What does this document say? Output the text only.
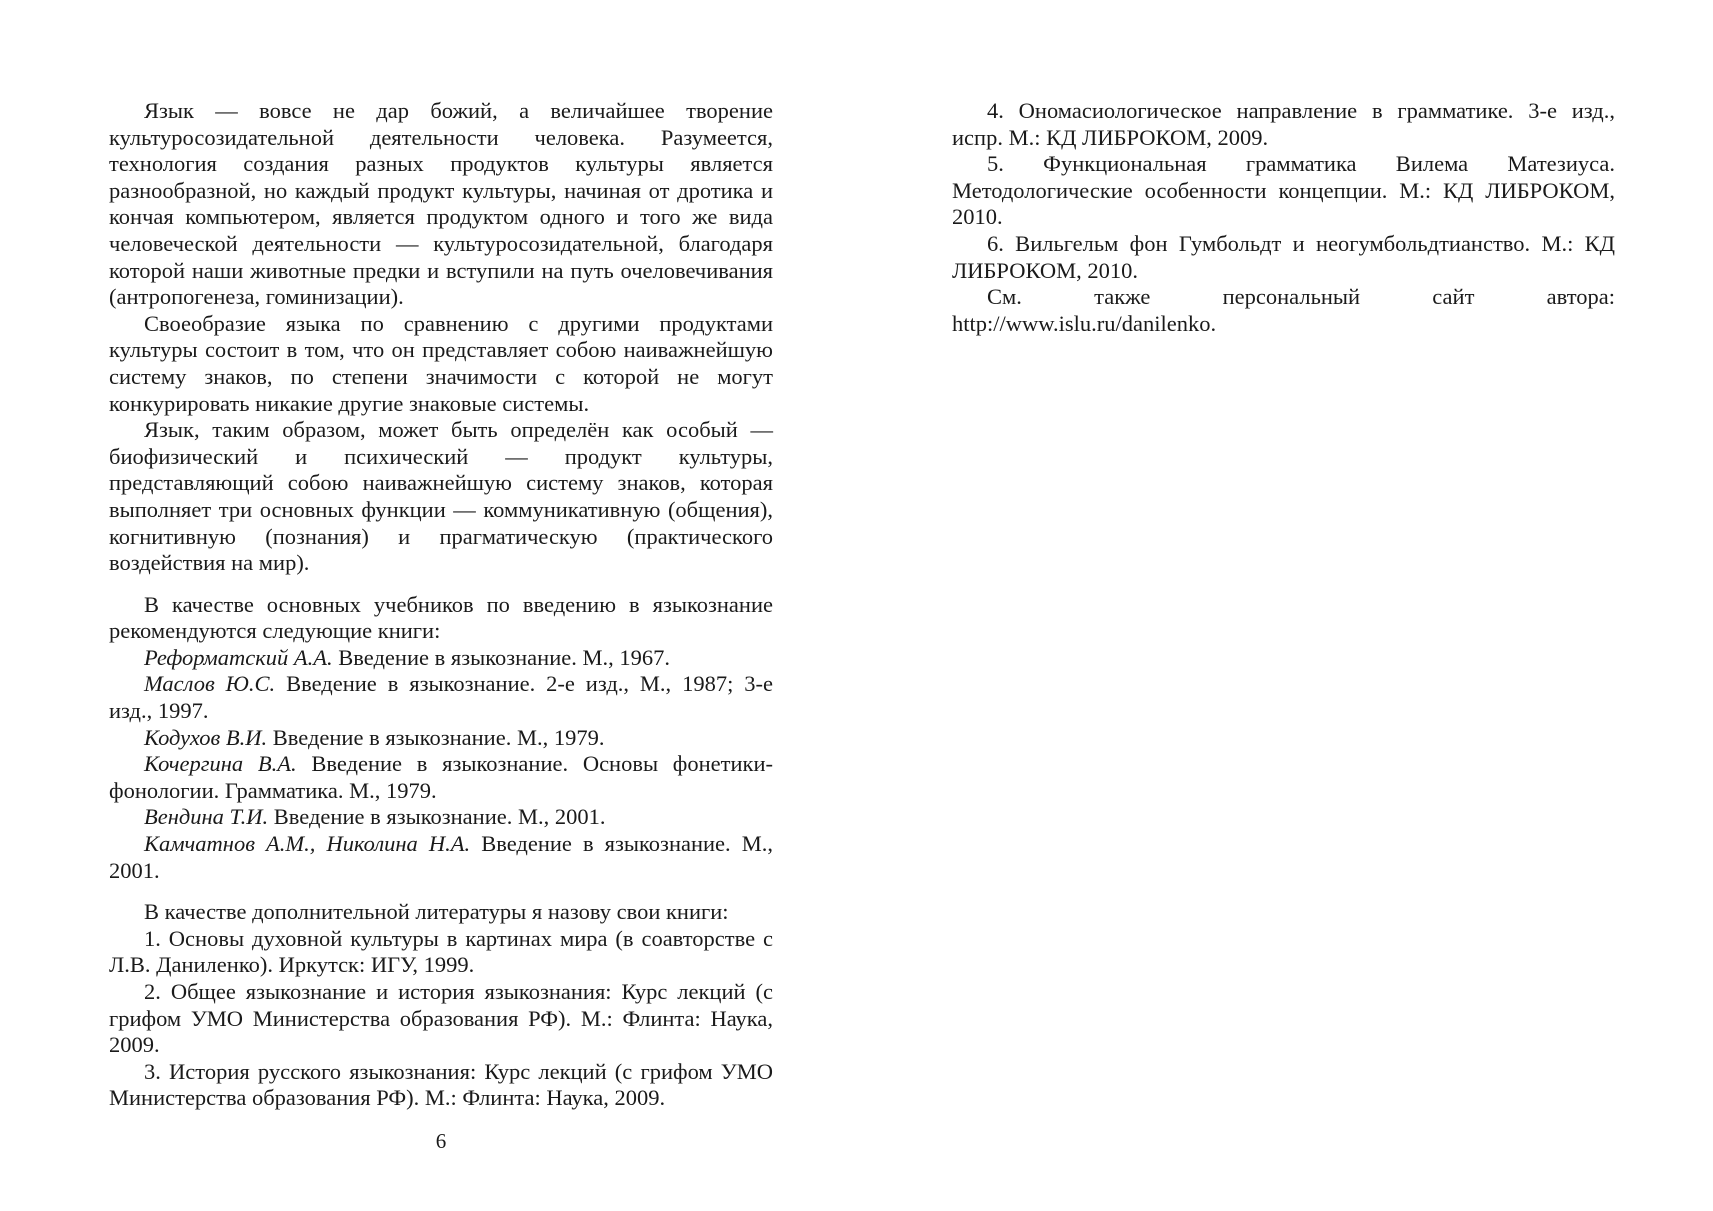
Язык — вовсе не дар божий, а величайшее творение культуросозидательной деятельности человека. Разумеется, технология создания разных продуктов культуры является разнообразной, но каждый продукт культуры, начиная от дротика и кончая компьютером, является продуктом одного и того же вида человеческой деятельности — культуросозидательной, благодаря которой наши животные предки и вступили на путь очеловечивания (антропогенеза, гоминизации).

Своеобразие языка по сравнению с другими продуктами культуры состоит в том, что он представляет собою наиважнейшую систему знаков, по степени значимости с которой не могут конкурировать никакие другие знаковые системы.

Язык, таким образом, может быть определён как особый — биофизический и психический — продукт культуры, представляющий собою наиважнейшую систему знаков, которая выполняет три основных функции — коммуникативную (общения), когнитивную (познания) и прагматическую (практического воздействия на мир).

В качестве основных учебников по введению в языкознание рекомендуются следующие книги:

Реформатский А.А. Введение в языкознание. М., 1967.

Маслов Ю.С. Введение в языкознание. 2-е изд., М., 1987; 3-е изд., 1997.

Кодухов В.И. Введение в языкознание. М., 1979.

Кочергина В.А. Введение в языкознание. Основы фонетики-фонологии. Грамматика. М., 1979.

Вендина Т.И. Введение в языкознание. М., 2001.

Камчатнов А.М., Николина Н.А. Введение в языкознание. М., 2001.

В качестве дополнительной литературы я назову свои книги:

1. Основы духовной культуры в картинах мира (в соавторстве с Л.В. Даниленко). Иркутск: ИГУ, 1999.

2. Общее языкознание и история языкознания: Курс лекций (с грифом УМО Министерства образования РФ). М.: Флинта: Наука, 2009.

3. История русского языкознания: Курс лекций (с грифом УМО Министерства образования РФ). М.: Флинта: Наука, 2009.

6

4. Ономасиологическое направление в грамматике. 3-е изд., испр. М.: КД ЛИБРОКОМ, 2009.

5. Функциональная грамматика Вилема Матезиуса. Методологические особенности концепции. М.: КД ЛИБРОКОМ, 2010.

6. Вильгельм фон Гумбольдт и неогумбольдтианство. М.: КД ЛИБРОКОМ, 2010.

См. также персональный сайт автора: http://www.islu.ru/danilenko.
